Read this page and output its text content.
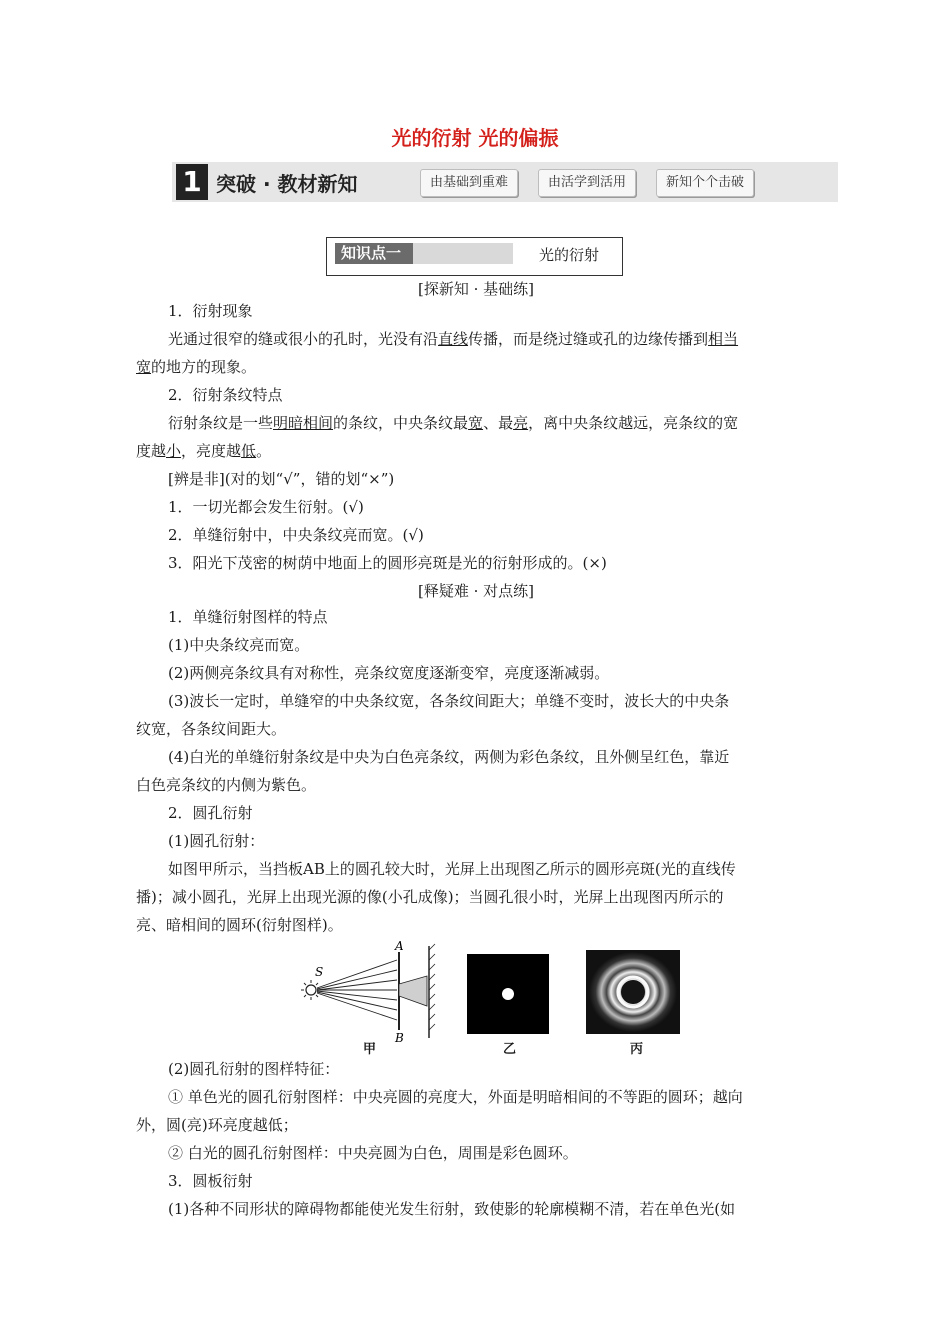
光的衍射 光的偏振
1 突破 · 教材新知	由基础到重难	由活学到活用	新知个个击破
知识点一	光的衍射
[探新知 · 基础练]
1．衍射现象
光通过很窄的缝或很小的孔时，光没有沿直线传播，而是绕过缝或孔的边缘传播到相当
宽的地方的现象。
2．衍射条纹特点
衍射条纹是一些明暗相间的条纹，中央条纹最宽、最亮，离中央条纹越远，亮条纹的宽
度越小，亮度越低。
[辨是非](对的划“√”，错的划“×”)
1．一切光都会发生衍射。(√)
2．单缝衍射中，中央条纹亮而宽。(√)
3．阳光下茂密的树荫中地面上的圆形亮斑是光的衍射形成的。(×)
[释疑难 · 对点练]
1．单缝衍射图样的特点
(1)中央条纹亮而宽。
(2)两侧亮条纹具有对称性，亮条纹宽度逐渐变窄，亮度逐渐减弱。
(3)波长一定时，单缝窄的中央条纹宽，各条纹间距大；单缝不变时，波长大的中央条
纹宽，各条纹间距大。
(4)白光的单缝衍射条纹是中央为白色亮条纹，两侧为彩色条纹，且外侧呈红色，靠近
白色亮条纹的内侧为紫色。
2．圆孔衍射
(1)圆孔衍射：
如图甲所示，当挡板AB上的圆孔较大时，光屏上出现图乙所示的圆形亮斑(光的直线传
播)；减小圆孔，光屏上出现光源的像(小孔成像)；当圆孔很小时，光屏上出现图丙所示的
亮、暗相间的圆环(衍射图样)。
S
A
B
甲	乙	丙
(2)圆孔衍射的图样特征：
① 单色光的圆孔衍射图样：中央亮圆的亮度大，外面是明暗相间的不等距的圆环；越向
外，圆(亮)环亮度越低；
② 白光的圆孔衍射图样：中央亮圆为白色，周围是彩色圆环。
3．圆板衍射
(1)各种不同形状的障碍物都能使光发生衍射，致使影的轮廓模糊不清，若在单色光(如
